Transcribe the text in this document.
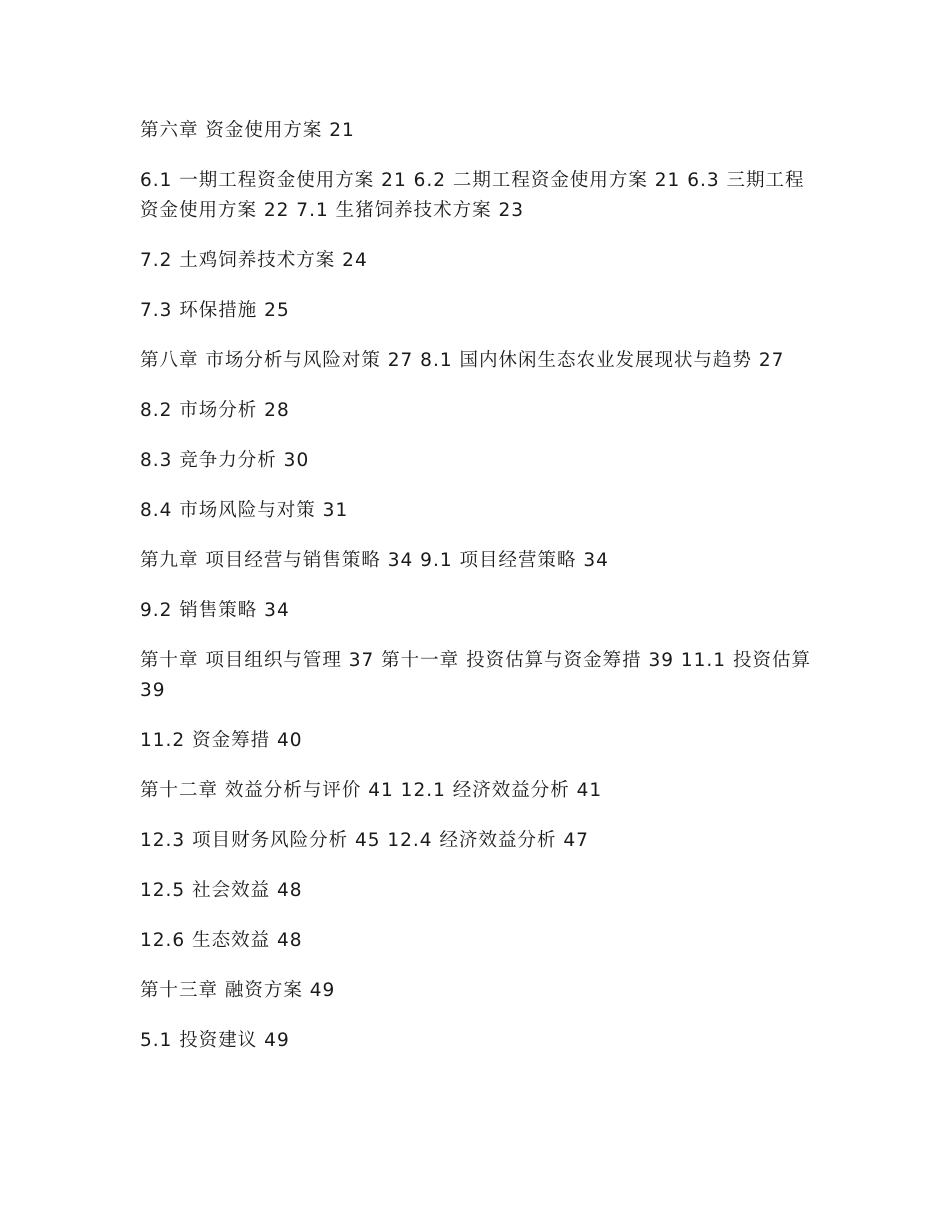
第六章 资金使用方案 21

6.1 一期工程资金使用方案 21 6.2 二期工程资金使用方案 21 6.3 三期工程资金使用方案 22 7.1 生猪饲养技术方案 23

7.2 土鸡饲养技术方案 24

7.3 环保措施 25

第八章 市场分析与风险对策 27 8.1 国内休闲生态农业发展现状与趋势 27

8.2 市场分析 28

8.3 竞争力分析 30

8.4 市场风险与对策 31

第九章 项目经营与销售策略 34 9.1 项目经营策略 34

9.2 销售策略 34

第十章 项目组织与管理 37 第十一章 投资估算与资金筹措 39 11.1 投资估算 39

11.2 资金筹措 40

第十二章 效益分析与评价 41 12.1 经济效益分析 41

12.3 项目财务风险分析 45 12.4 经济效益分析 47

12.5 社会效益 48

12.6 生态效益 48

第十三章 融资方案 49

5.1 投资建议 49
